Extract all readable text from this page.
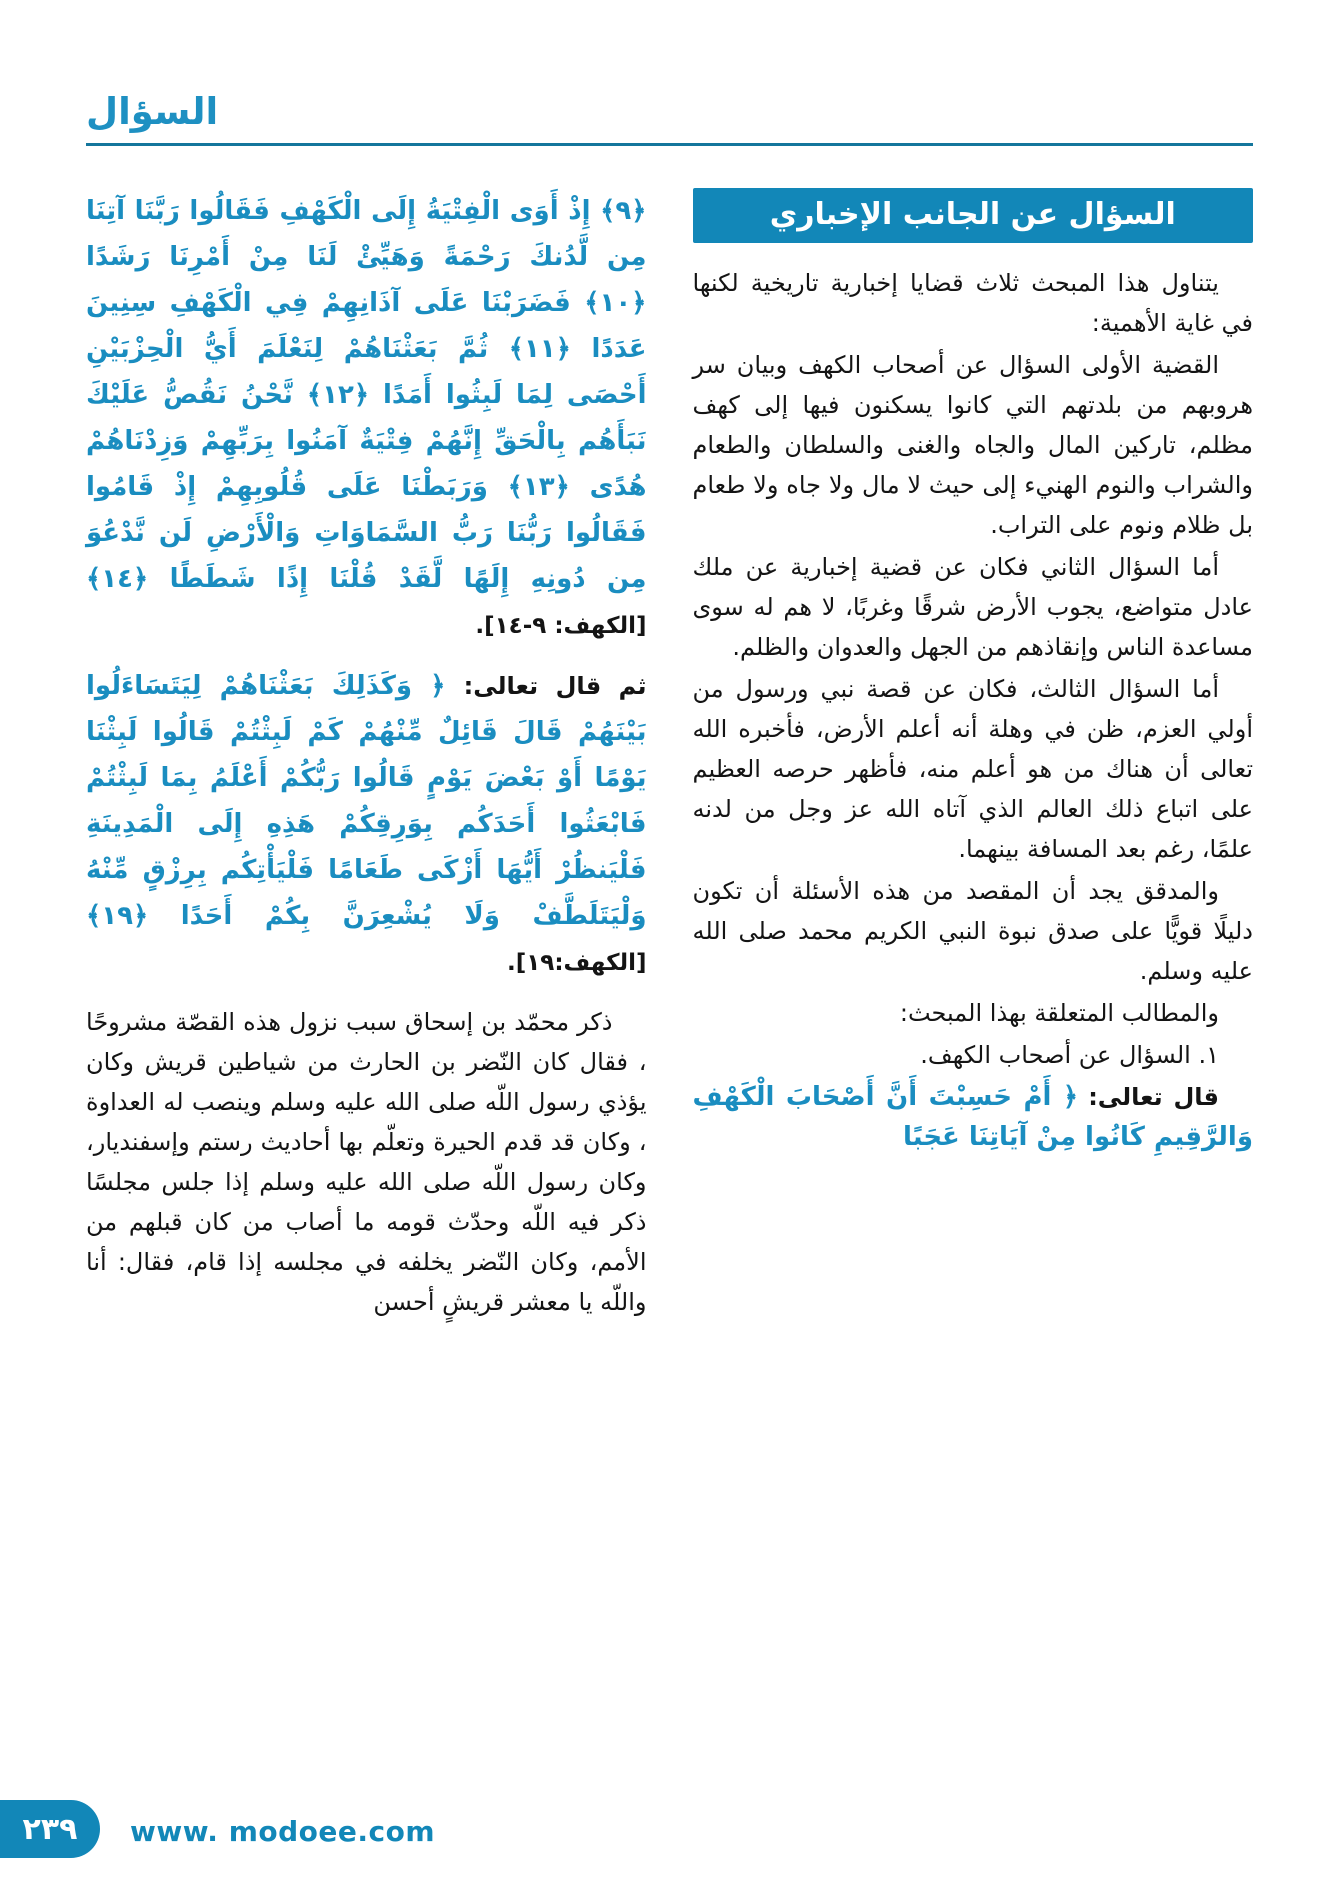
السؤال
السؤال عن الجانب الإخباري

يتناول هذا المبحث ثلاث قضايا إخبارية تاريخية لكنها في غاية الأهمية:

القضية الأولى السؤال عن أصحاب الكهف وبيان سر هروبهم من بلدتهم التي كانوا يسكنون فيها إلى كهف مظلم، تاركين المال والجاه والغنى والسلطان والطعام والشراب والنوم الهنيء إلى حيث لا مال ولا جاه ولا طعام بل ظلام ونوم على التراب.

أما السؤال الثاني فكان عن قضية إخبارية عن ملك عادل متواضع، يجوب الأرض شرقًا وغربًا، لا هم له سوى مساعدة الناس وإنقاذهم من الجهل والعدوان والظلم.

أما السؤال الثالث، فكان عن قصة نبي ورسول من أولي العزم، ظن في وهلة أنه أعلم الأرض، فأخبره الله تعالى أن هناك من هو أعلم منه، فأظهر حرصه العظيم على اتباع ذلك العالم الذي آتاه الله عز وجل من لدنه علمًا، رغم بعد المسافة بينهما.

والمدقق يجد أن المقصد من هذه الأسئلة أن تكون دليلًا قويًّا على صدق نبوة النبي الكريم محمد صلى الله عليه وسلم.

والمطالب المتعلقة بهذا المبحث:

١. السؤال عن أصحاب الكهف.

قال تعالى: ﴿ أَمْ حَسِبْتَ أَنَّ أَصْحَابَ الْكَهْفِ وَالرَّقِيمِ كَانُوا مِنْ آيَاتِنَا عَجَبًا

﴿٩﴾ إِذْ أَوَى الْفِتْيَةُ إِلَى الْكَهْفِ فَقَالُوا رَبَّنَا آتِنَا مِن لَّدُنكَ رَحْمَةً وَهَيِّئْ لَنَا مِنْ أَمْرِنَا رَشَدًا ﴿١٠﴾ فَضَرَبْنَا عَلَى آذَانِهِمْ فِي الْكَهْفِ سِنِينَ عَدَدًا ﴿١١﴾ ثُمَّ بَعَثْنَاهُمْ لِنَعْلَمَ أَيُّ الْحِزْبَيْنِ أَحْصَى لِمَا لَبِثُوا أَمَدًا ﴿١٢﴾ نَّحْنُ نَقُصُّ عَلَيْكَ نَبَأَهُم بِالْحَقِّ إِنَّهُمْ فِتْيَةٌ آمَنُوا بِرَبِّهِمْ وَزِدْنَاهُمْ هُدًى ﴿١٣﴾ وَرَبَطْنَا عَلَى قُلُوبِهِمْ إِذْ قَامُوا فَقَالُوا رَبُّنَا رَبُّ السَّمَاوَاتِ وَالْأَرْضِ لَن نَّدْعُوَ مِن دُونِهِ إِلَهًا لَّقَدْ قُلْنَا إِذًا شَطَطًا ﴿١٤﴾ [الكهف: ٩-١٤].

ثم قال تعالى: ﴿ وَكَذَلِكَ بَعَثْنَاهُمْ لِيَتَسَاءَلُوا بَيْنَهُمْ قَالَ قَائِلٌ مِّنْهُمْ كَمْ لَبِثْتُمْ قَالُوا لَبِثْنَا يَوْمًا أَوْ بَعْضَ يَوْمٍ قَالُوا رَبُّكُمْ أَعْلَمُ بِمَا لَبِثْتُمْ فَابْعَثُوا أَحَدَكُم بِوَرِقِكُمْ هَذِهِ إِلَى الْمَدِينَةِ فَلْيَنظُرْ أَيُّهَا أَزْكَى طَعَامًا فَلْيَأْتِكُم بِرِزْقٍ مِّنْهُ وَلْيَتَلَطَّفْ وَلَا يُشْعِرَنَّ بِكُمْ أَحَدًا ﴿١٩﴾ [الكهف:١٩].

ذكر محمّد بن إسحاق سبب نزول هذه القصّة مشروحًا ، فقال كان النّضر بن الحارث من شياطين قريش وكان يؤذي رسول اللّه صلى الله عليه وسلم وينصب له العداوة ، وكان قد قدم الحيرة وتعلّم بها أحاديث رستم وإسفنديار، وكان رسول اللّه صلى الله عليه وسلم إذا جلس مجلسًا ذكر فيه اللّه وحدّث قومه ما أصاب من كان قبلهم من الأمم، وكان النّضر يخلفه في مجلسه إذا قام، فقال: أنا واللّه يا معشر قريشٍ أحسن

٢٣٩ www. modoee.com
